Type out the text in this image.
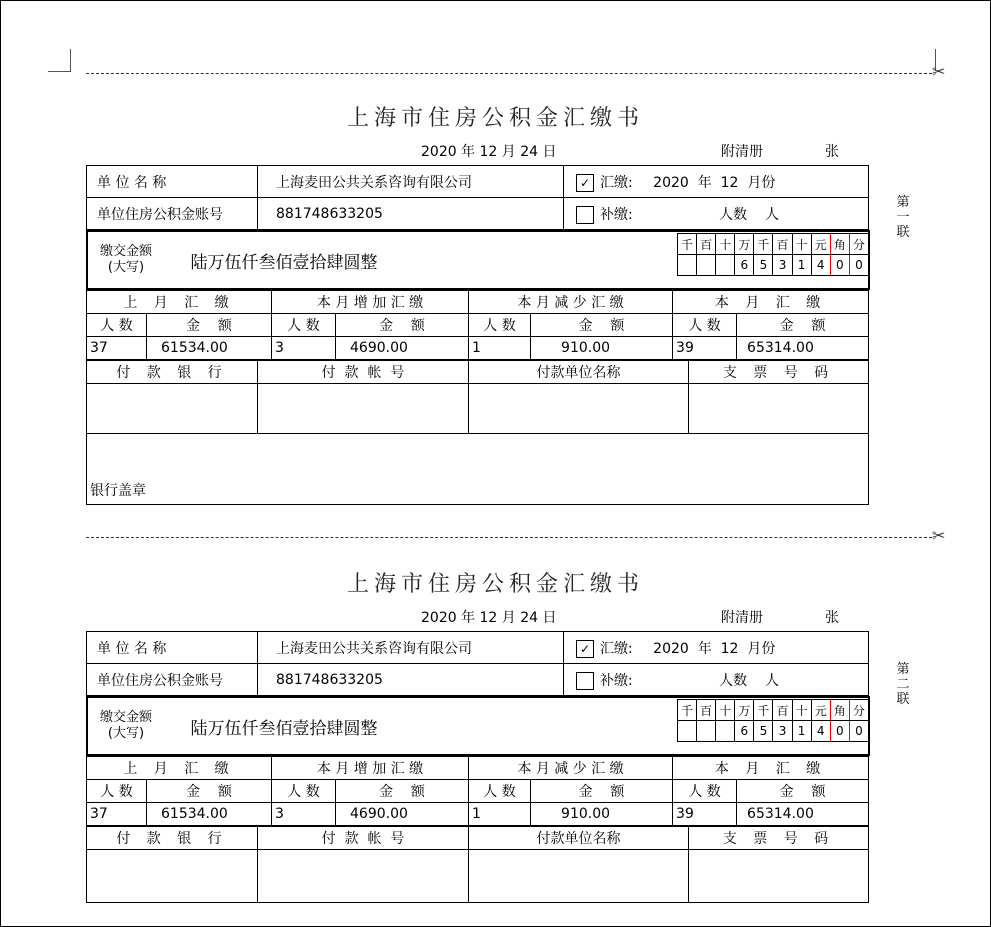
✂
✂
上海市住房公积金汇缴书
2020 年 12 月 24 日	附清册	张
第
一
联
单 位 名 称	上海麦田公共关系咨询有限公司	✓ 汇缴: 2020  年  12  月份
单位住房公积金账号	881748633205	补缴: 人数    人
缴交金额
(大写)	陆万伍仟叁佰壹拾肆圆整	
千	百	十	万	千	百	十	元	角	分
			6	5	3	1	4	0	0
上 月 汇 缴		本 月 增 加 汇 缴		本 月 减 少 汇 缴		本 月 汇 缴	
人 数	金    额	人 数	金    额	人 数	金    额	人 数	金    额
37	61534.00	3	4690.00	1	910.00	39	65314.00
付 款 银 行	付  款  帐  号	付款单位名称	支 票 号 码

银行盖章			
上海市住房公积金汇缴书
2020 年 12 月 24 日	附清册	张
第
二
联
单 位 名 称	上海麦田公共关系咨询有限公司	✓ 汇缴: 2020  年  12  月份
单位住房公积金账号	881748633205	补缴: 人数    人
缴交金额
(大写)	陆万伍仟叁佰壹拾肆圆整	
千	百	十	万	千	百	十	元	角	分
			6	5	3	1	4	0	0
上 月 汇 缴		本 月 增 加 汇 缴		本 月 减 少 汇 缴		本 月 汇 缴	
人 数	金    额	人 数	金    额	人 数	金    额	人 数	金    额
37	61534.00	3	4690.00	1	910.00	39	65314.00
付 款 银 行	付  款  帐  号	付款单位名称	支 票 号 码
